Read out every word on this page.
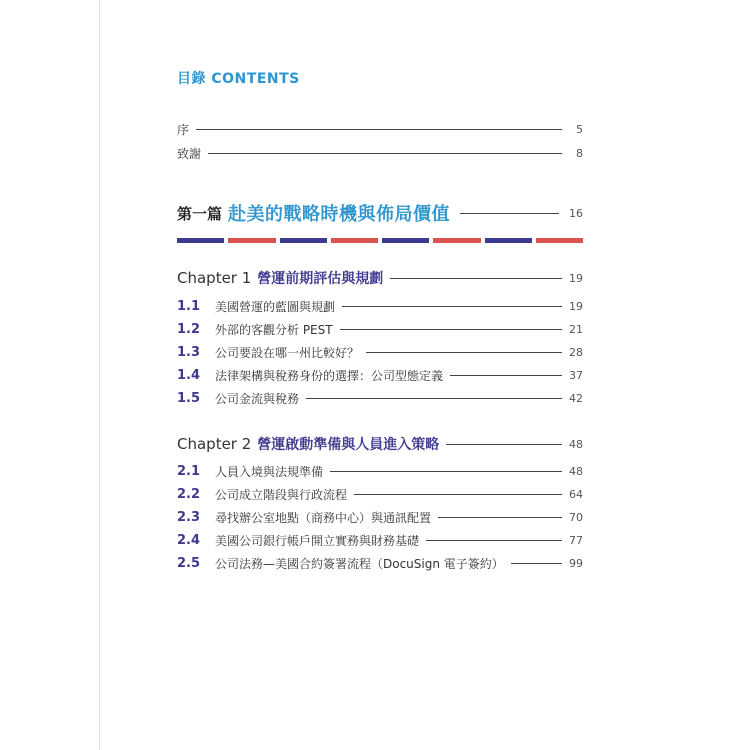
目錄 CONTENTS
序	5
致謝	8
第一篇 赴美的戰略時機與佈局價值	16
Chapter 1 營運前期評估與規劃	19
1.1	美國營運的藍圖與規劃	19
1.2	外部的客觀分析 PEST	21
1.3	公司要設在哪一州比較好？	28
1.4	法律架構與稅務身份的選擇：公司型態定義	37
1.5	公司金流與稅務	42
Chapter 2 營運啟動準備與人員進入策略	48
2.1	人員入境與法規準備	48
2.2	公司成立階段與行政流程	64
2.3	尋找辦公室地點（商務中心）與通訊配置	70
2.4	美國公司銀行帳戶開立實務與財務基礎	77
2.5	公司法務—美國合約簽署流程（DocuSign 電子簽約）	99
